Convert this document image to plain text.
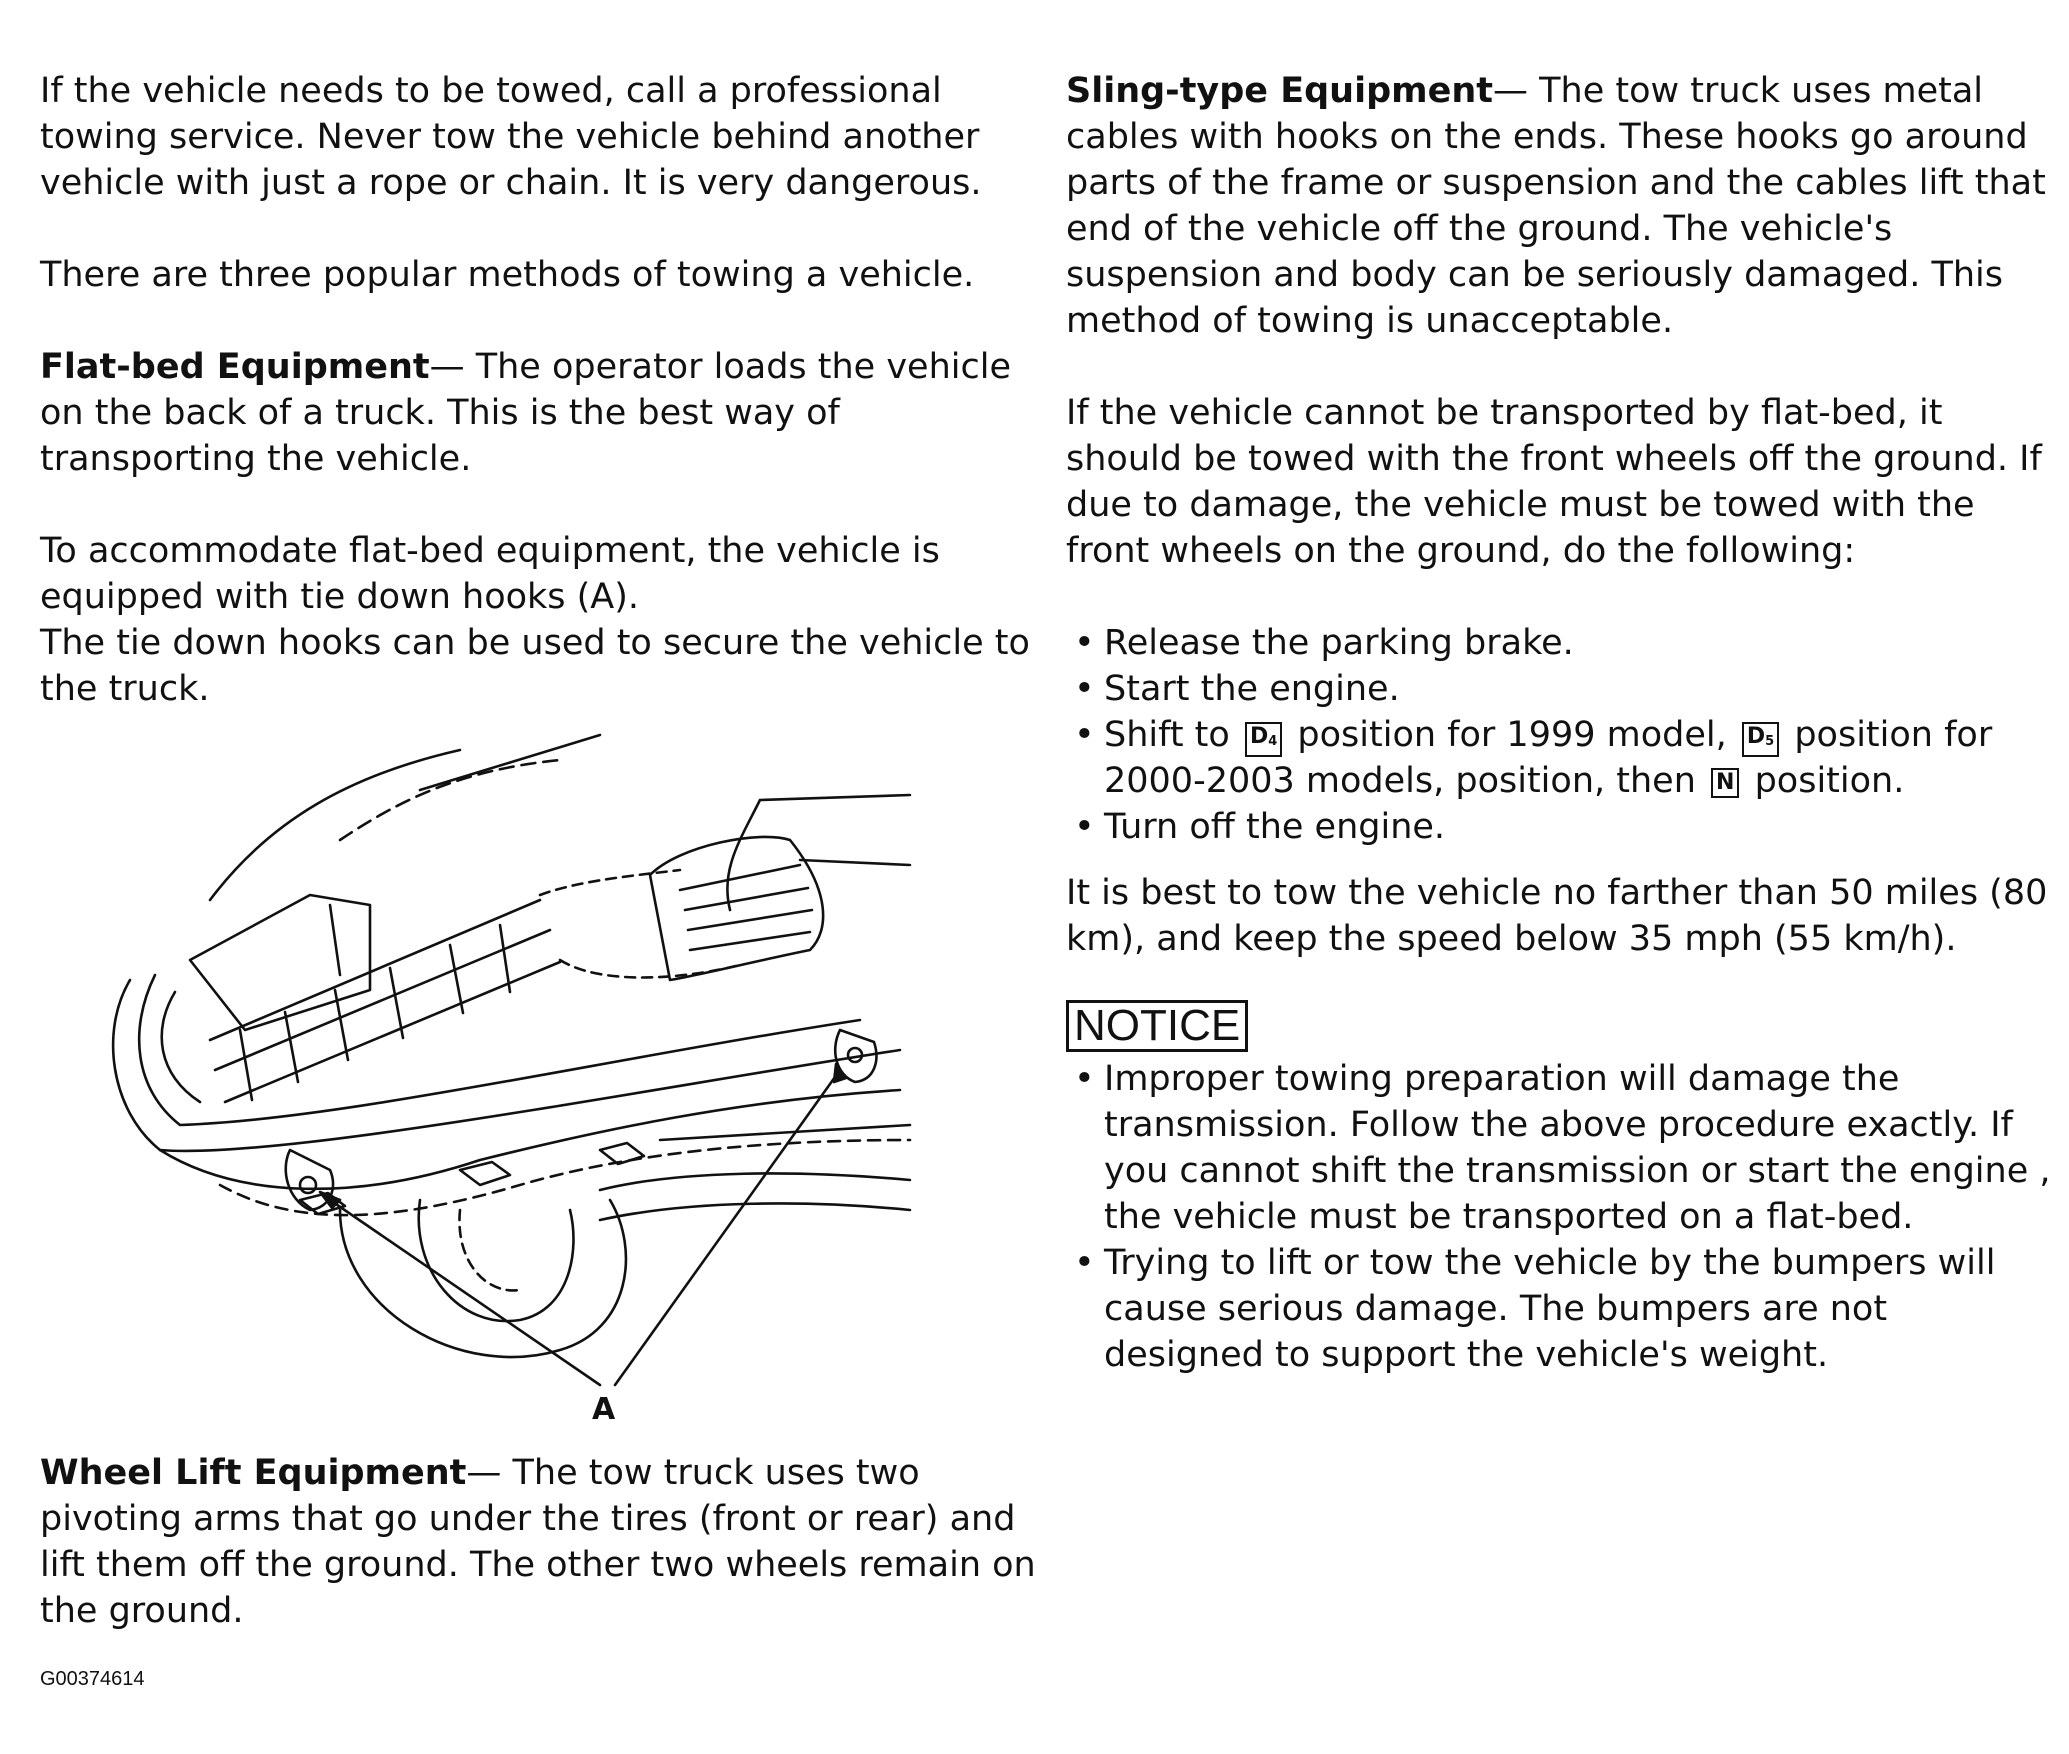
If the vehicle needs to be towed, call a professional towing service. Never tow the vehicle behind another vehicle with just a rope or chain. It is very dangerous.

There are three popular methods of towing a vehicle.

Flat-bed Equipment— The operator loads the vehicle on the back of a truck. This is the best way of transporting the vehicle.

To accommodate flat-bed equipment, the vehicle is equipped with tie down hooks (A).

The tie down hooks can be used to secure the vehicle to the truck.

A
Wheel Lift Equipment— The tow truck uses two pivoting arms that go under the tires (front or rear) and lift them off the ground. The other two wheels remain on the ground.
G00374614

Sling-type Equipment— The tow truck uses metal cables with hooks on the ends. These hooks go around parts of the frame or suspension and the cables lift that end of the vehicle off the ground. The vehicle's suspension and body can be seriously damaged. This method of towing is unacceptable.

If the vehicle cannot be transported by flat-bed, it should be towed with the front wheels off the ground. If due to damage, the vehicle must be towed with the front wheels on the ground, do the following:

• Release the parking brake.
• Start the engine.
• Shift to $D_4$ position for 1999 model, $D_5$ position for 2000-2003 models, position, then N position.
• Turn off the engine.

It is best to tow the vehicle no farther than 50 miles (80 km), and keep the speed below 35 mph (55 km/h).

NOTICE
• Improper towing preparation will damage the transmission. Follow the above procedure exactly. If you cannot shift the transmission or start the engine , the vehicle must be transported on a flat-bed.
• Trying to lift or tow the vehicle by the bumpers will cause serious damage. The bumpers are not designed to support the vehicle's weight.
